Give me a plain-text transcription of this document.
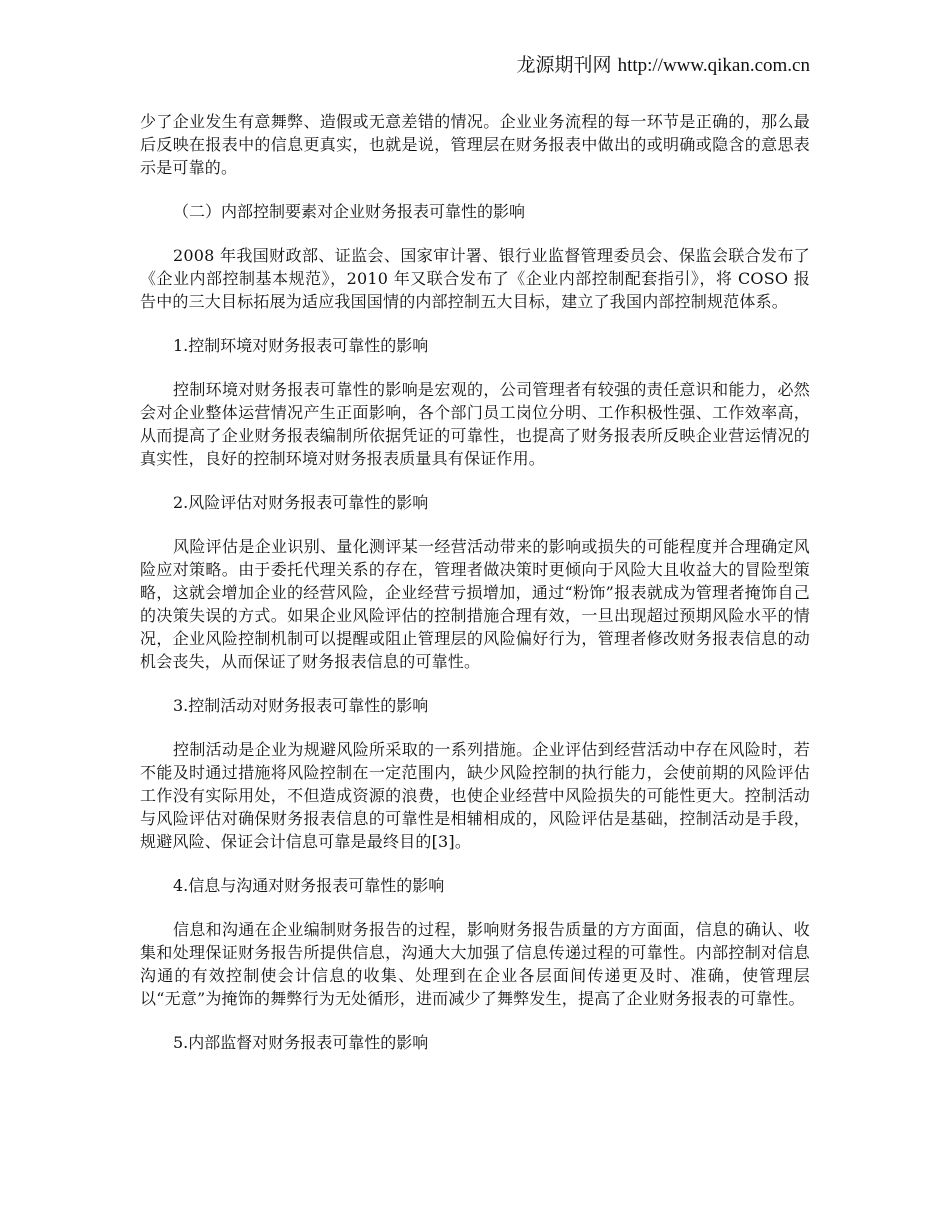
龙源期刊网 http://www.qikan.com.cn

少了企业发生有意舞弊、造假或无意差错的情况。企业业务流程的每一环节是正确的，那么最后反映在报表中的信息更真实，也就是说，管理层在财务报表中做出的或明确或隐含的意思表示是可靠的。

（二）内部控制要素对企业财务报表可靠性的影响

2008 年我国财政部、证监会、国家审计署、银行业监督管理委员会、保监会联合发布了《企业内部控制基本规范》，2010 年又联合发布了《企业内部控制配套指引》，将 COSO 报告中的三大目标拓展为适应我国国情的内部控制五大目标，建立了我国内部控制规范体系。

1.控制环境对财务报表可靠性的影响

控制环境对财务报表可靠性的影响是宏观的，公司管理者有较强的责任意识和能力，必然会对企业整体运营情况产生正面影响，各个部门员工岗位分明、工作积极性强、工作效率高，从而提高了企业财务报表编制所依据凭证的可靠性，也提高了财务报表所反映企业营运情况的真实性，良好的控制环境对财务报表质量具有保证作用。

2.风险评估对财务报表可靠性的影响

风险评估是企业识别、量化测评某一经营活动带来的影响或损失的可能程度并合理确定风险应对策略。由于委托代理关系的存在，管理者做决策时更倾向于风险大且收益大的冒险型策略，这就会增加企业的经营风险，企业经营亏损增加，通过“粉饰”报表就成为管理者掩饰自己的决策失误的方式。如果企业风险评估的控制措施合理有效，一旦出现超过预期风险水平的情况，企业风险控制机制可以提醒或阻止管理层的风险偏好行为，管理者修改财务报表信息的动机会丧失，从而保证了财务报表信息的可靠性。

3.控制活动对财务报表可靠性的影响

控制活动是企业为规避风险所采取的一系列措施。企业评估到经营活动中存在风险时，若不能及时通过措施将风险控制在一定范围内，缺少风险控制的执行能力，会使前期的风险评估工作没有实际用处，不但造成资源的浪费，也使企业经营中风险损失的可能性更大。控制活动与风险评估对确保财务报表信息的可靠性是相辅相成的，风险评估是基础，控制活动是手段，规避风险、保证会计信息可靠是最终目的[3]。

4.信息与沟通对财务报表可靠性的影响

信息和沟通在企业编制财务报告的过程，影响财务报告质量的方方面面，信息的确认、收集和处理保证财务报告所提供信息，沟通大大加强了信息传递过程的可靠性。内部控制对信息沟通的有效控制使会计信息的收集、处理到在企业各层面间传递更及时、准确，使管理层以“无意”为掩饰的舞弊行为无处循形，进而减少了舞弊发生，提高了企业财务报表的可靠性。

5.内部监督对财务报表可靠性的影响
